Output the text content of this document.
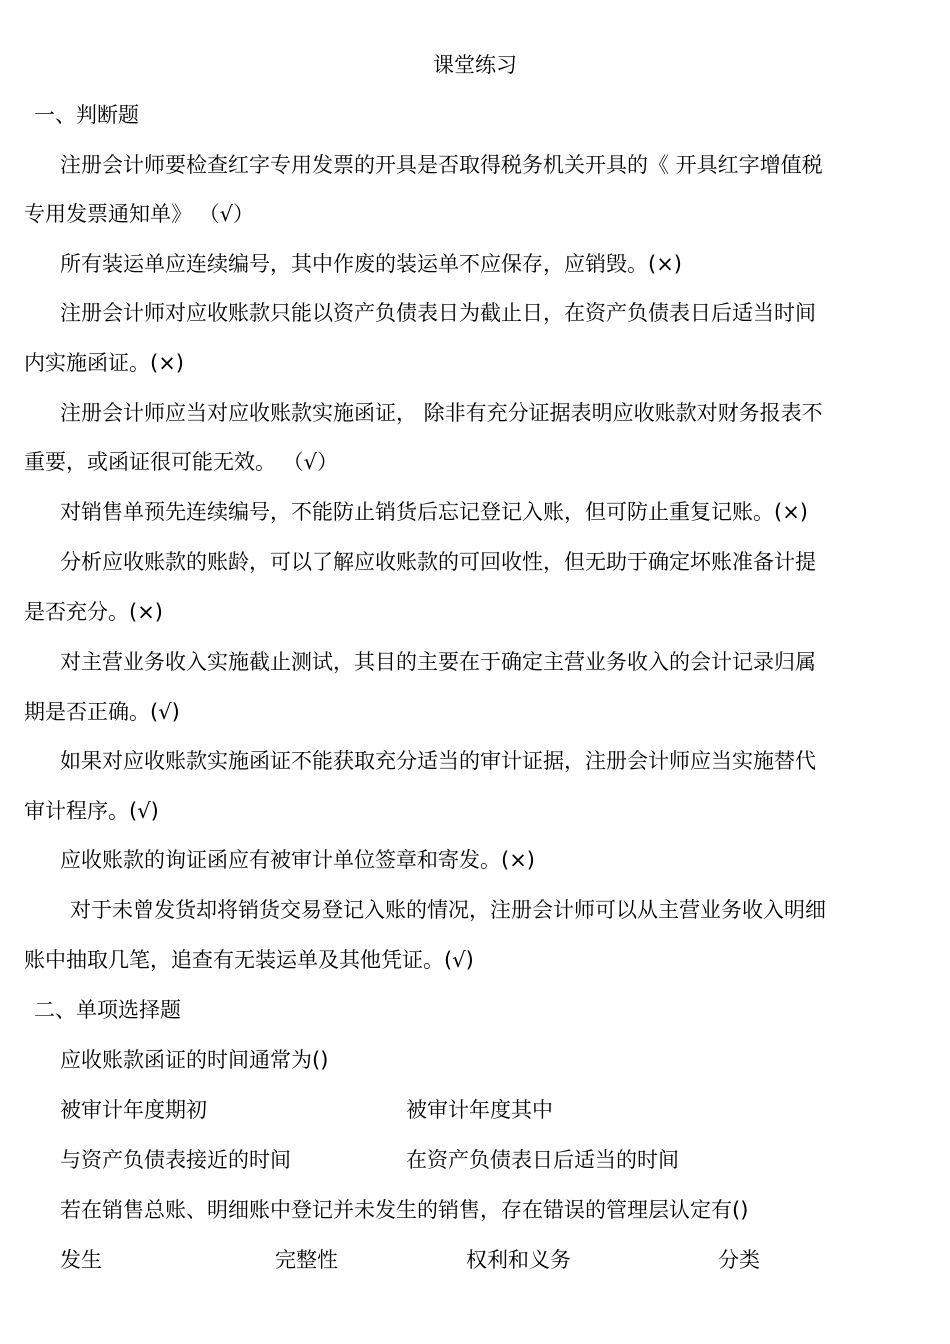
课堂练习
一、判断题
注册会计师要检查红字专用发票的开具是否取得税务机关开具的《 开具红字增值税
专用发票通知单》 （√）
所有装运单应连续编号，其中作废的装运单不应保存，应销毁。(×)
注册会计师对应收账款只能以资产负债表日为截止日，在资产负债表日后适当时间
内实施函证。(×)
注册会计师应当对应收账款实施函证， 除非有充分证据表明应收账款对财务报表不
重要，或函证很可能无效。 （√）
对销售单预先连续编号，不能防止销货后忘记登记入账，但可防止重复记账。(×)
分析应收账款的账龄，可以了解应收账款的可回收性，但无助于确定坏账准备计提
是否充分。(×)
对主营业务收入实施截止测试，其目的主要在于确定主营业务收入的会计记录归属
期是否正确。(√)
如果对应收账款实施函证不能获取充分适当的审计证据，注册会计师应当实施替代
审计程序。(√)
应收账款的询证函应有被审计单位签章和寄发。(×)
对于未曾发货却将销货交易登记入账的情况，注册会计师可以从主营业务收入明细
账中抽取几笔，追查有无装运单及其他凭证。(√)
二、单项选择题
应收账款函证的时间通常为()
被审计年度期初	被审计年度其中
与资产负债表接近的时间	在资产负债表日后适当的时间
若在销售总账、明细账中登记并未发生的销售，存在错误的管理层认定有()
发生	完整性	权利和义务	分类
